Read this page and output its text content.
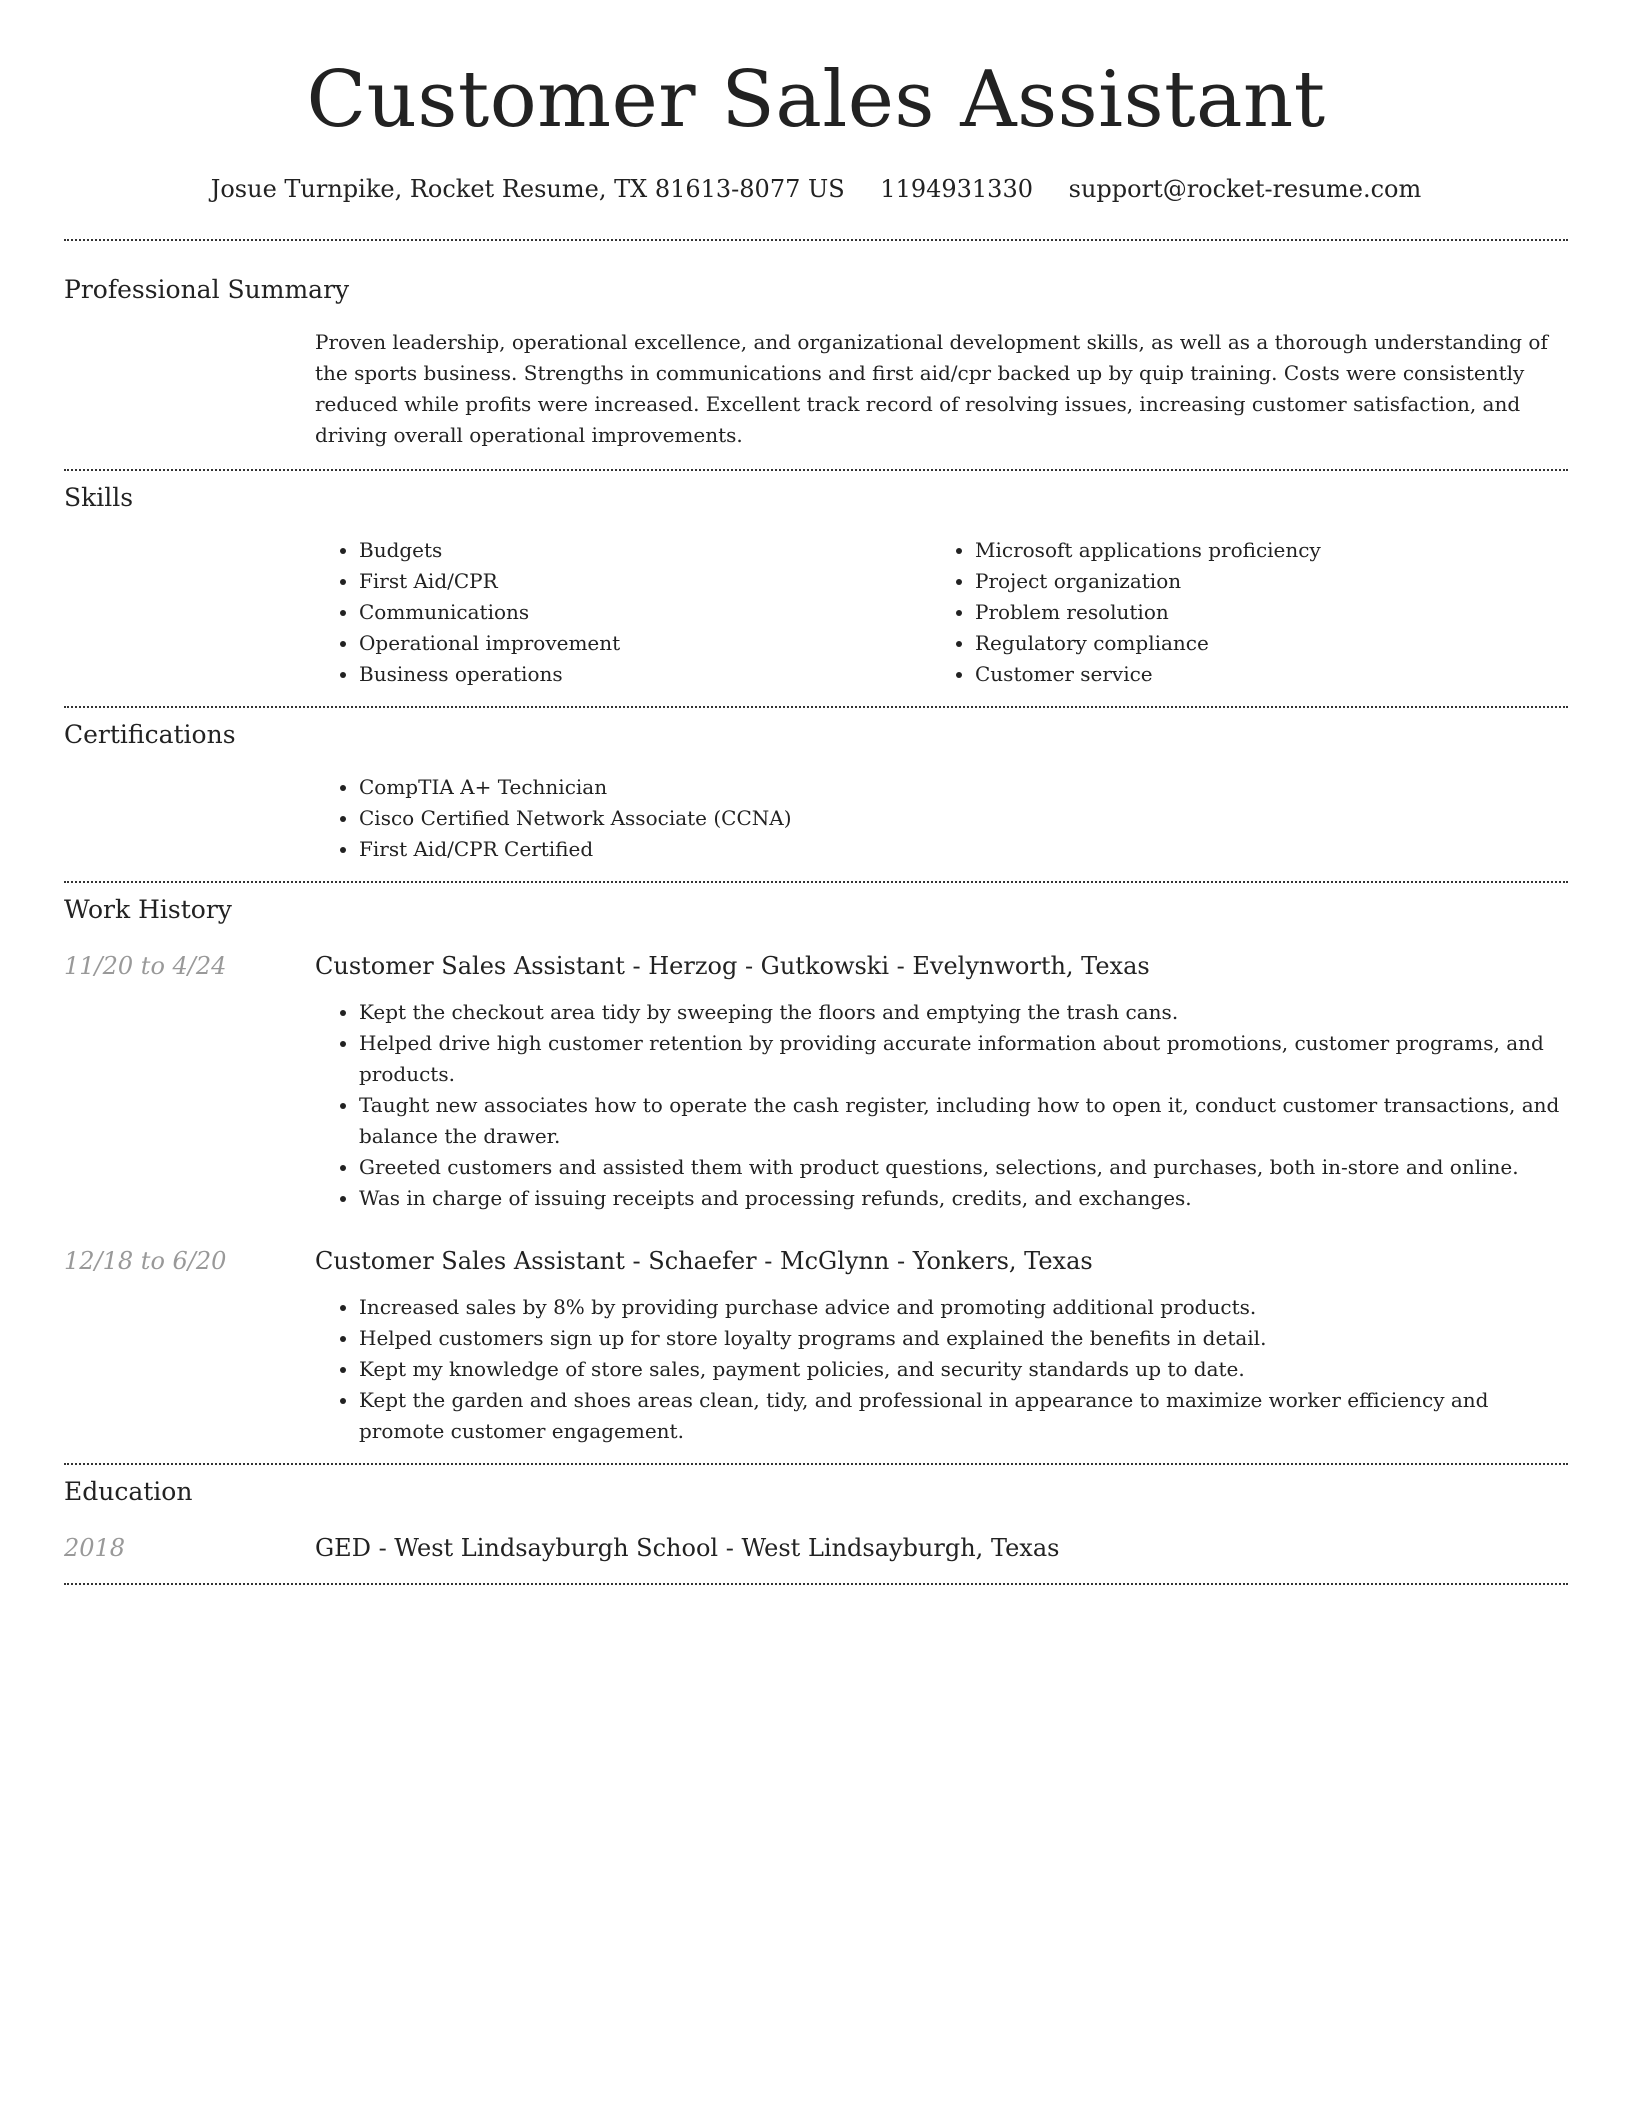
Customer Sales Assistant
Josue Turnpike, Rocket Resume, TX 81613-8077 US 1194931330 support@rocket-resume.com
Professional Summary

Proven leadership, operational excellence, and organizational development skills, as well as a thorough understanding of the sports business. Strengths in communications and first aid/cpr backed up by quip training. Costs were consistently reduced while profits were increased. Excellent track record of resolving issues, increasing customer satisfaction, and driving overall operational improvements.

Skills
• Budgets
• First Aid/CPR
• Communications
• Operational improvement
• Business operations
• Microsoft applications proficiency
• Project organization
• Problem resolution
• Regulatory compliance
• Customer service
Certifications
• CompTIA A+ Technician
• Cisco Certified Network Associate (CCNA)
• First Aid/CPR Certified
Work History
11/20 to 4/24	Customer Sales Assistant - Herzog - Gutkowski - Evelynworth, Texas
• Kept the checkout area tidy by sweeping the floors and emptying the trash cans.
• Helped drive high customer retention by providing accurate information about promotions, customer programs, and products.
• Taught new associates how to operate the cash register, including how to open it, conduct customer transactions, and balance the drawer.
• Greeted customers and assisted them with product questions, selections, and purchases, both in-store and online.
• Was in charge of issuing receipts and processing refunds, credits, and exchanges.
12/18 to 6/20	Customer Sales Assistant - Schaefer - McGlynn - Yonkers, Texas
• Increased sales by 8% by providing purchase advice and promoting additional products.
• Helped customers sign up for store loyalty programs and explained the benefits in detail.
• Kept my knowledge of store sales, payment policies, and security standards up to date.
• Kept the garden and shoes areas clean, tidy, and professional in appearance to maximize worker efficiency and promote customer engagement.
Education
2018	GED - West Lindsayburgh School - West Lindsayburgh, Texas
